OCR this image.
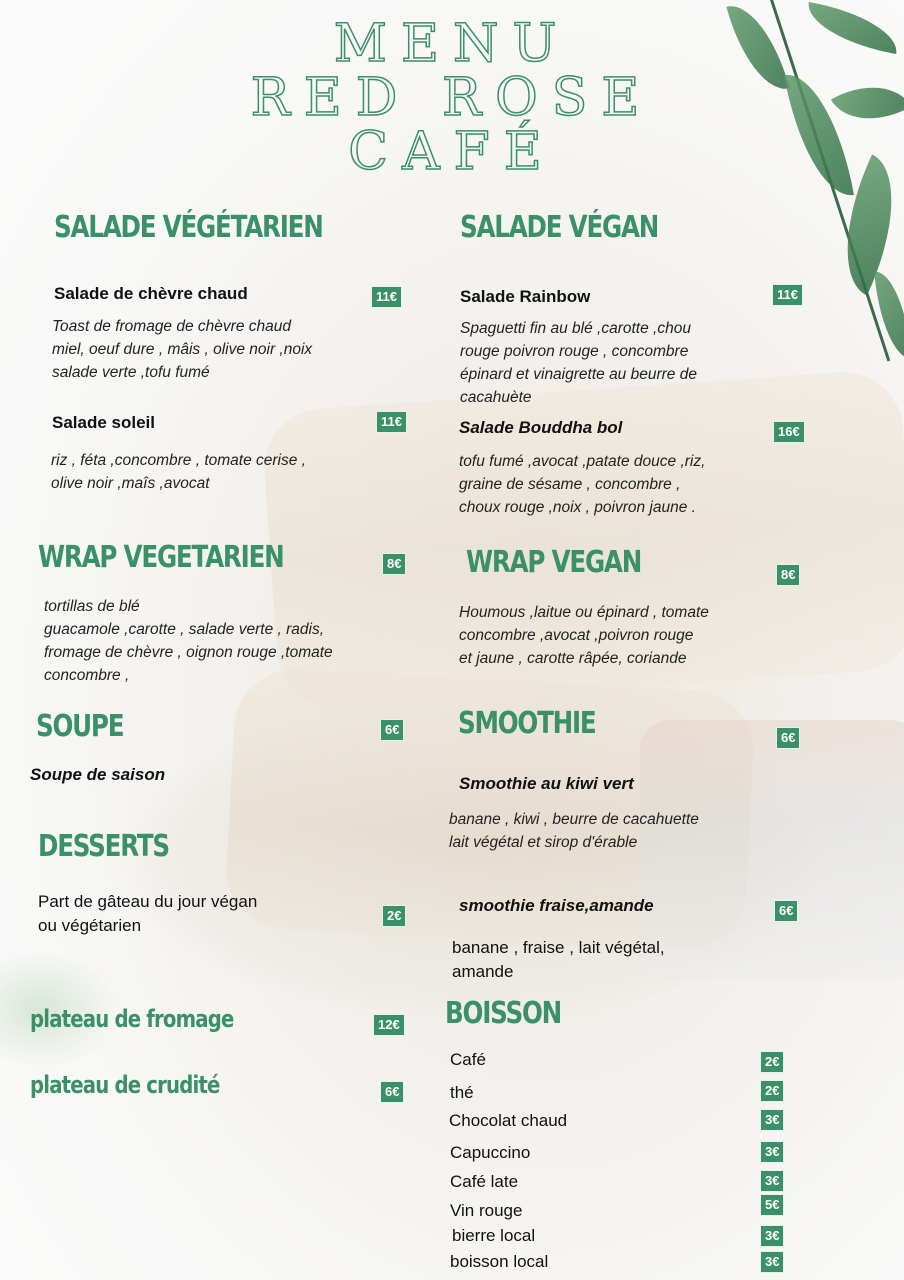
MENU
RED ROSE
CAFÉ
SALADE VÉGÉTARIEN
Salade de chèvre chaud	11€
Toast de fromage de chèvre chaud
miel, oeuf dure , mâis , olive noir ,noix
salade verte ,tofu fumé
Salade soleil	11€
riz , féta ,concombre , tomate cerise ,
olive noir ,maîs ,avocat
WRAP VEGETARIEN	8€
tortillas de blé
guacamole ,carotte , salade verte , radis,
fromage de chèvre , oignon rouge ,tomate
concombre ,
SOUPE	6€
Soupe de saison
DESSERTS
Part de gâteau du jour végan
ou végétarien
2€
plateau de fromage	12€
plateau de crudité	6€
SALADE VÉGAN
Salade Rainbow	11€
Spaguetti fin au blé ,carotte ,chou
rouge poivron rouge , concombre
épinard et vinaigrette au beurre de
cacahuète
Salade Bouddha bol	16€
tofu fumé ,avocat ,patate douce ,riz,
graine de sésame , concombre ,
choux rouge ,noix , poivron jaune .
WRAP VEGAN	8€
Houmous ,laitue ou épinard , tomate
concombre ,avocat ,poivron rouge
et jaune , carotte râpée, coriande
SMOOTHIE	6€
Smoothie au kiwi vert
banane , kiwi , beurre de cacahuette
lait végétal et sirop d'érable
smoothie fraise,amande	6€
banane , fraise , lait végétal,
amande
BOISSON
Café	2€
thé	2€
Chocolat chaud	3€
Capuccino	3€
Café late	3€
Vin rouge	5€
bierre local	3€
boisson local	3€
